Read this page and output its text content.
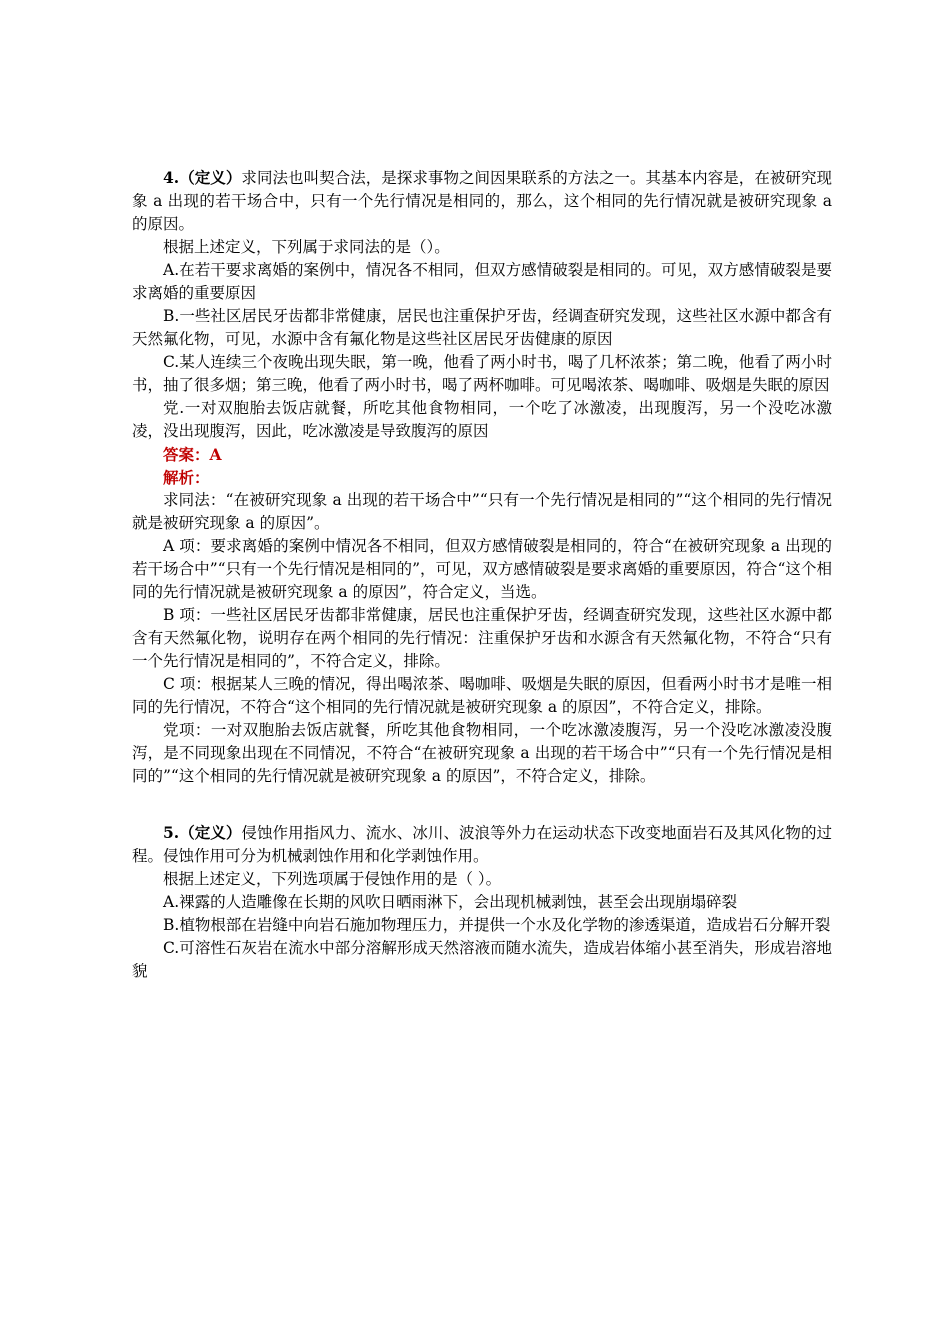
4.（定义）求同法也叫契合法，是探求事物之间因果联系的方法之一。其基本内容是，在被研究现象 a 出现的若干场合中，只有一个先行情况是相同的，那么，这个相同的先行情况就是被研究现象 a 的原因。

根据上述定义，下列属于求同法的是（）。

A.在若干要求离婚的案例中，情况各不相同，但双方感情破裂是相同的。可见，双方感情破裂是要求离婚的重要原因

B.一些社区居民牙齿都非常健康，居民也注重保护牙齿，经调查研究发现，这些社区水源中都含有天然氟化物，可见，水源中含有氟化物是这些社区居民牙齿健康的原因

C.某人连续三个夜晚出现失眠，第一晚，他看了两小时书，喝了几杯浓茶；第二晚，他看了两小时书，抽了很多烟；第三晚，他看了两小时书，喝了两杯咖啡。可见喝浓茶、喝咖啡、吸烟是失眠的原因

党.一对双胞胎去饭店就餐，所吃其他食物相同，一个吃了冰激凌，出现腹泻，另一个没吃冰激凌，没出现腹泻，因此，吃冰激凌是导致腹泻的原因

答案：A

解析：

求同法：“在被研究现象 a 出现的若干场合中”“只有一个先行情况是相同的”“这个相同的先行情况就是被研究现象 a 的原因”。

A 项：要求离婚的案例中情况各不相同，但双方感情破裂是相同的，符合“在被研究现象 a 出现的若干场合中”“只有一个先行情况是相同的”，可见，双方感情破裂是要求离婚的重要原因，符合“这个相同的先行情况就是被研究现象 a 的原因”，符合定义，当选。

B 项：一些社区居民牙齿都非常健康，居民也注重保护牙齿，经调查研究发现，这些社区水源中都含有天然氟化物，说明存在两个相同的先行情况：注重保护牙齿和水源含有天然氟化物，不符合“只有一个先行情况是相同的”，不符合定义，排除。

C 项：根据某人三晚的情况，得出喝浓茶、喝咖啡、吸烟是失眠的原因，但看两小时书才是唯一相同的先行情况，不符合“这个相同的先行情况就是被研究现象 a 的原因”，不符合定义，排除。

党项：一对双胞胎去饭店就餐，所吃其他食物相同，一个吃冰激凌腹泻，另一个没吃冰激凌没腹泻，是不同现象出现在不同情况，不符合“在被研究现象 a 出现的若干场合中”“只有一个先行情况是相同的”“这个相同的先行情况就是被研究现象 a 的原因”，不符合定义，排除。

5.（定义）侵蚀作用指风力、流水、冰川、波浪等外力在运动状态下改变地面岩石及其风化物的过程。侵蚀作用可分为机械剥蚀作用和化学剥蚀作用。

根据上述定义，下列选项属于侵蚀作用的是（ ）。

A.裸露的人造雕像在长期的风吹日晒雨淋下，会出现机械剥蚀，甚至会出现崩塌碎裂

B.植物根部在岩缝中向岩石施加物理压力，并提供一个水及化学物的渗透渠道，造成岩石分解开裂

C.可溶性石灰岩在流水中部分溶解形成天然溶液而随水流失，造成岩体缩小甚至消失，形成岩溶地貌
